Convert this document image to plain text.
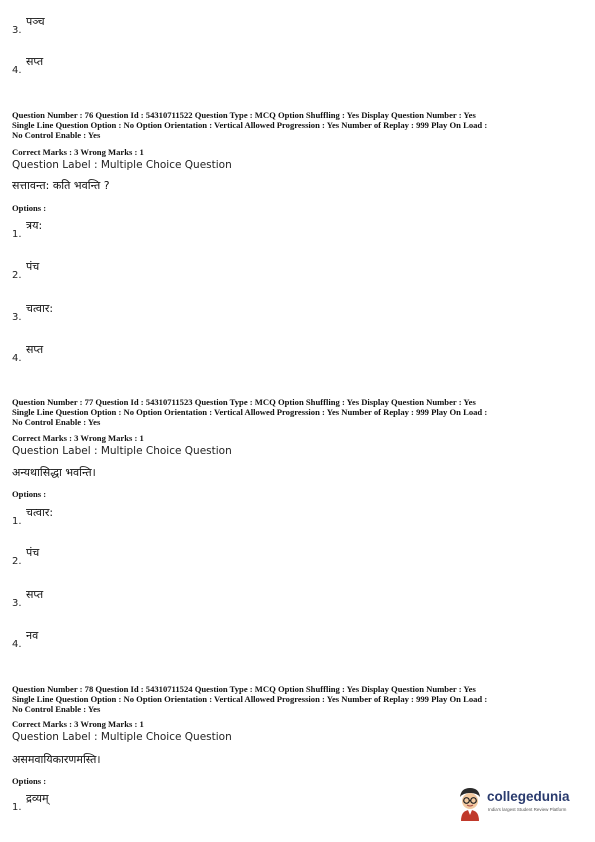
3.
पञ्च
4.
सप्त
Question Number : 76 Question Id : 54310711522 Question Type : MCQ Option Shuffling : Yes Display Question Number : Yes
Single Line Question Option : No Option Orientation : Vertical Allowed Progression : Yes Number of Replay : 999 Play On Load :
No Control Enable : Yes
Correct Marks : 3 Wrong Marks : 1
Question Label : Multiple Choice Question
सत्तावन्त: कति भवन्ति ?
Options :
1.
त्रय:
2.
पंच
3.
चत्वार:
4.
सप्त
Question Number : 77 Question Id : 54310711523 Question Type : MCQ Option Shuffling : Yes Display Question Number : Yes
Single Line Question Option : No Option Orientation : Vertical Allowed Progression : Yes Number of Replay : 999 Play On Load :
No Control Enable : Yes
Correct Marks : 3 Wrong Marks : 1
Question Label : Multiple Choice Question
अन्यथासिद्धा भवन्ति।
Options :
1.
चत्वार:
2.
पंच
3.
सप्त
4.
नव
Question Number : 78 Question Id : 54310711524 Question Type : MCQ Option Shuffling : Yes Display Question Number : Yes
Single Line Question Option : No Option Orientation : Vertical Allowed Progression : Yes Number of Replay : 999 Play On Load :
No Control Enable : Yes
Correct Marks : 3 Wrong Marks : 1
Question Label : Multiple Choice Question
असमवायिकारणमस्ति।
Options :
1.
द्रव्यम्	collegedunia
India's largest Student Review Platform
